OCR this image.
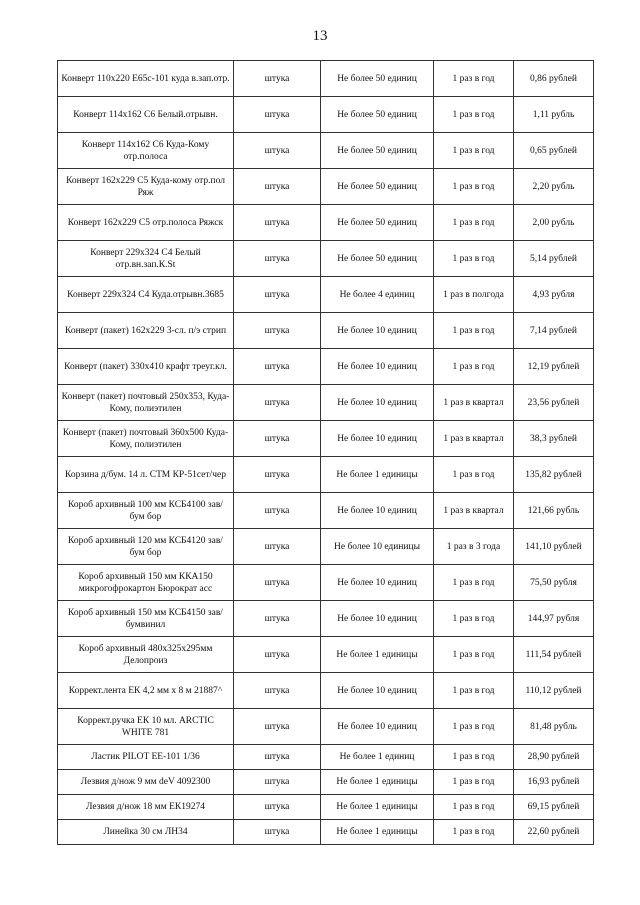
13
Конверт 110х220 Е65с-101 куда в.зап.отр.	штука	Не более 50 единиц	1 раз в год	0,86 рублей
Конверт 114х162 С6 Белый.отрывн.	штука	Не более 50 единиц	1 раз в год	1,11 рубль
Конверт 114х162 С6 Куда-Кому отр.полоса	штука	Не более 50 единиц	1 раз в год	0,65 рублей
Конверт 162х229 С5 Куда-кому отр.пол Ряж	штука	Не более 50 единиц	1 раз в год	2,20 рубль
Конверт 162х229 С5 отр.полоса Ряжск	штука	Не более 50 единиц	1 раз в год	2,00 рубль
Конверт 229х324 С4 Белый отр.вн.зап.К.St	штука	Не более 50 единиц	1 раз в год	5,14 рублей
Конверт 229х324 С4 Куда.отрывн.3685	штука	Не более 4 единиц	1 раз в полгода	4,93 рубля
Конверт (пакет) 162х229 3-сл. п/э стрип	штука	Не более 10 единиц	1 раз в год	7,14 рублей
Конверт (пакет) 330х410 крафт треуг.кл.	штука	Не более 10 единиц	1 раз в год	12,19 рублей
Конверт (пакет) почтовый 250х353, Куда-Кому, полиэтилен	штука	Не более 10 единиц	1 раз в квартал	23,56 рублей
Конверт (пакет) почтовый 360х500 Куда-Кому, полиэтилен	штука	Не более 10 единиц	1 раз в квартал	38,3 рублей
Корзина д/бум. 14 л. СТМ КР-51сет/чер	штука	Не более 1 единицы	1 раз в год	135,82 рублей
Короб архивный 100 мм КСБ4100 зав/бум бор	штука	Не более 10 единиц	1 раз в квартал	121,66 рубль
Короб архивный 120 мм КСБ4120 зав/бум бор	штука	Не более 10 единицы	1 раз в 3 года	141,10 рублей
Короб архивный 150 мм ККА150 микрогофрокартон Бюрократ асс	штука	Не более 10 единиц	1 раз в год	75,50 рубля
Короб архивный 150 мм КСБ4150 зав/бумвинил	штука	Не более 10 единиц	1 раз в год	144,97 рубля
Короб архивный 480х325х295мм Делопроиз	штука	Не более 1 единицы	1 раз в год	111,54 рублей
Коррект.лента ЕК 4,2 мм х 8 м 21887^	штука	Не более 10 единиц	1 раз в год	110,12 рублей
Коррект.ручка ЕК 10 мл. ARCTIC WHITE 781	штука	Не более 10 единиц	1 раз в год	81,48 рубль
Ластик PILOT ЕЕ-101 1/36	штука	Не более 1 единиц	1 раз в год	28,90 рублей
Лезвия д/нож 9 мм deV 4092300	штука	Не более 1 единицы	1 раз в год	16,93 рублей
Лезвия д/нож 18 мм ЕК19274	штука	Не более 1 единицы	1 раз в год	69,15 рублей
Линейка 30 см ЛН34	штука	Не более 1 единицы	1 раз в год	22,60 рублей
